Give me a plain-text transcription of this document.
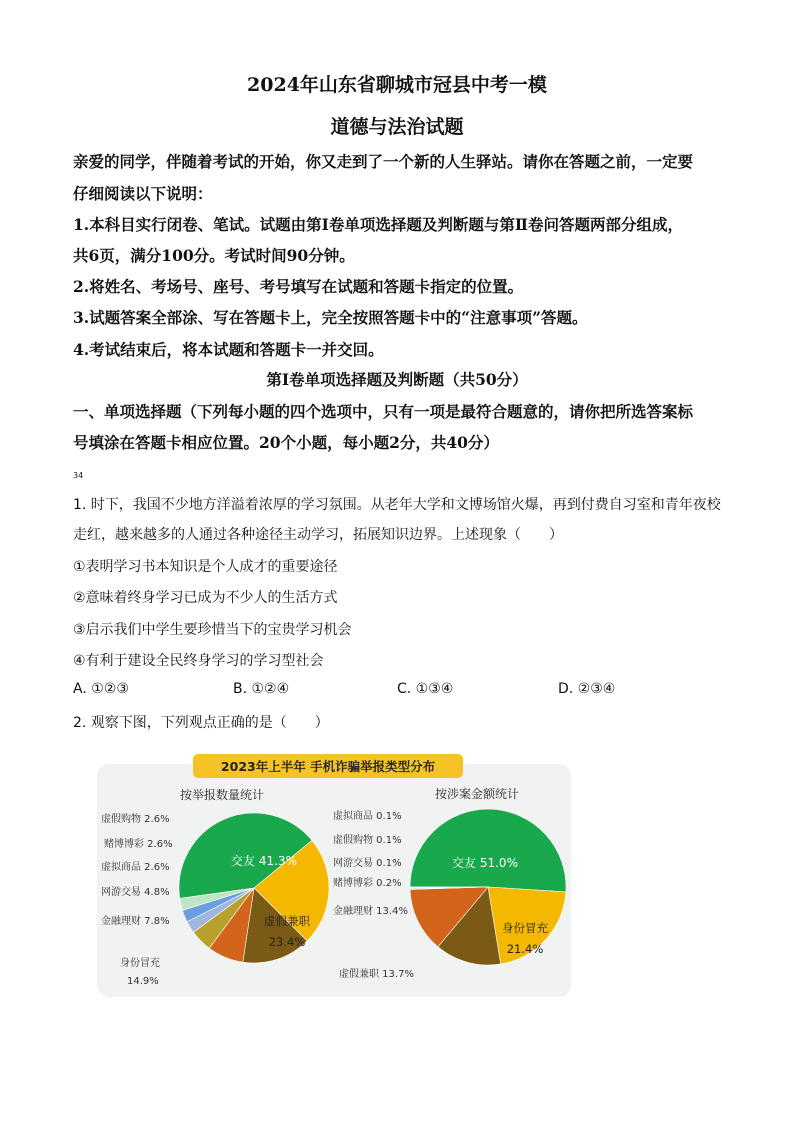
2024年山东省聊城市冠县中考一模
道德与法治试题
亲爱的同学，伴随着考试的开始，你又走到了一个新的人生驿站。请你在答题之前，一定要
仔细阅读以下说明：
1.本科目实行闭卷、笔试。试题由第Ⅰ卷单项选择题及判断题与第Ⅱ卷问答题两部分组成，
共6页，满分100分。考试时间90分钟。
2.将姓名、考场号、座号、考号填写在试题和答题卡指定的位置。
3.试题答案全部涂、写在答题卡上，完全按照答题卡中的“注意事项”答题。
4.考试结束后，将本试题和答题卡一并交回。
第Ⅰ卷单项选择题及判断题（共50分）
一、单项选择题（下列每小题的四个选项中，只有一项是最符合题意的，请你把所选答案标
号填涂在答题卡相应位置。20个小题，每小题2分，共40分）
34
1. 时下，我国不少地方洋溢着浓厚的学习氛围。从老年大学和文博场馆火爆，再到付费自习室和青年夜校
走红，越来越多的人通过各种途径主动学习，拓展知识边界。上述现象（　　）
①表明学习书本知识是个人成才的重要途径
②意味着终身学习已成为不少人的生活方式
③启示我们中学生要珍惜当下的宝贵学习机会
④有利于建设全民终身学习的学习型社会
A. ①②③	B. ①②④	C. ①③④	D. ②③④
2. 观察下图，下列观点正确的是（　　）
2023年上半年 手机诈骗举报类型分布
按举报数量统计	按涉案金额统计
虚假购物 2.6%
赌博博彩 2.6%
虚拟商品 2.6%
网游交易 4.8%
金融理财 7.8%
身份冒充
14.9%
交友 41.3%
虚假兼职
23.4%
虚拟商品 0.1%
虚假购物 0.1%
网游交易 0.1%
赌博博彩 0.2%
金融理财 13.4%
虚假兼职 13.7%
交友 51.0%
身份冒充
21.4%
